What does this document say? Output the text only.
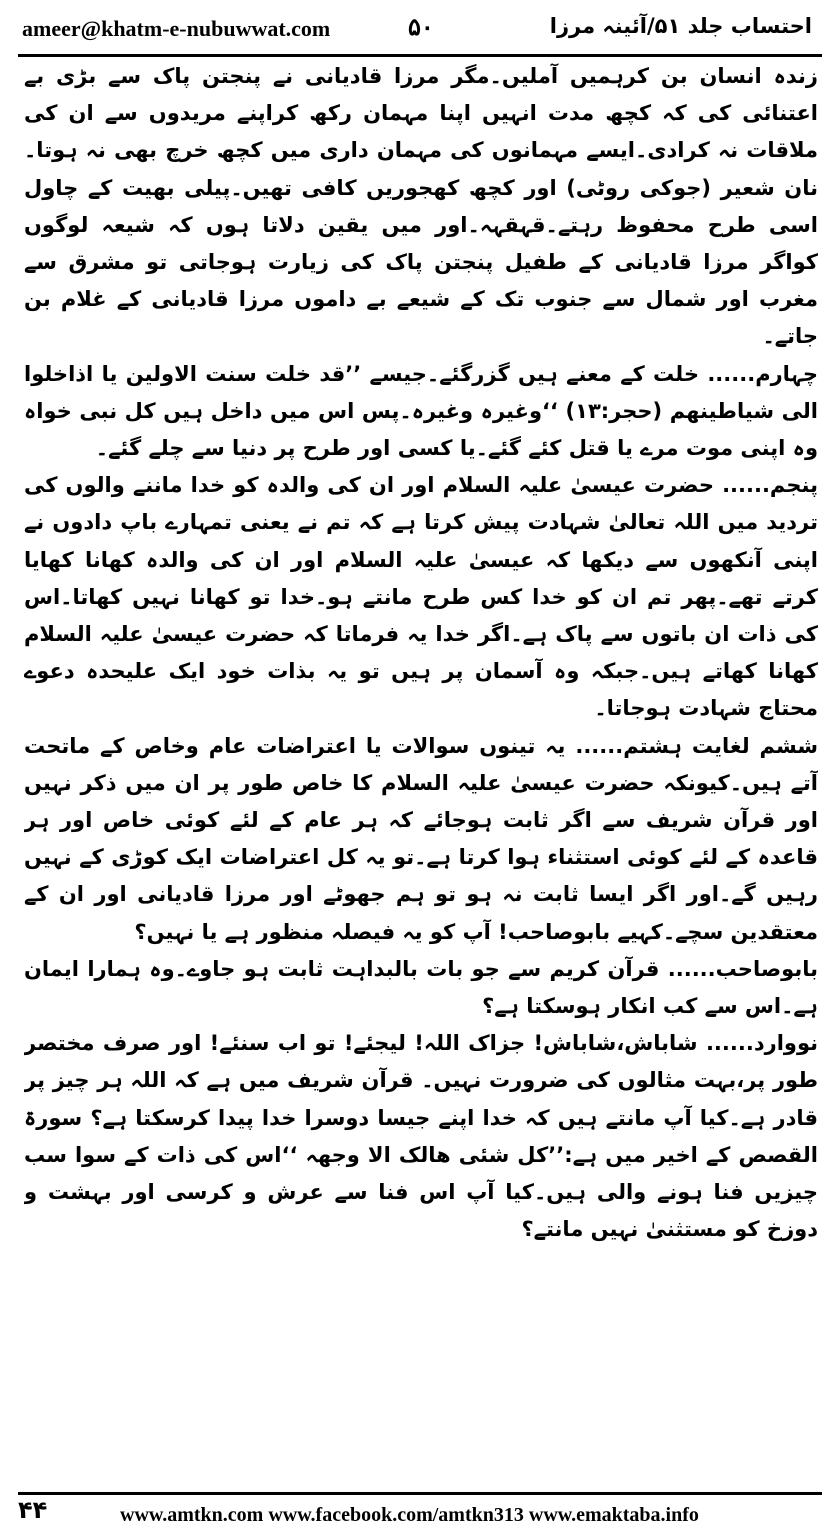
ameer@khatm-e-nubuwwat.com	۵۰	احتساب جلد ۵۱/آئینہ مرزا

زندہ انسان بن کرہمیں آملیں۔مگر مرزا قادیانی نے پنجتن پاک سے بڑی بے اعتنائی کی کہ کچھ مدت انہیں اپنا مہمان رکھ کراپنے مریدوں سے ان کی ملاقات نہ کرادی۔ایسے مہمانوں کی مہمان داری میں کچھ خرچ بھی نہ ہوتا۔نان شعیر (جوکی روٹی) اور کچھ کھجوریں کافی تھیں۔پیلی بھیت کے چاول اسی طرح محفوظ رہتے۔قہقہہ۔اور میں یقین دلاتا ہوں کہ شیعہ لوگوں کواگر مرزا قادیانی کے طفیل پنجتن پاک کی زیارت ہوجاتی تو مشرق سے مغرب اور شمال سے جنوب تک کے شیعے بے داموں مرزا قادیانی کے غلام بن جاتے۔

چہارم...... خلت کے معنے ہیں گزرگئے۔جیسے ’’قد خلت سنت الاولین یا اذاخلوا الی شیاطینھم (حجر:۱۳) ‘‘وغیرہ وغیرہ۔پس اس میں داخل ہیں کل نبی خواہ وہ اپنی موت مرے یا قتل کئے گئے۔یا کسی اور طرح پر دنیا سے چلے گئے۔

پنجم...... حضرت عیسیٰ علیہ السلام اور ان کی والدہ کو خدا ماننے والوں کی تردید میں اللہ تعالیٰ شہادت پیش کرتا ہے کہ تم نے یعنی تمہارے باپ دادوں نے اپنی آنکھوں سے دیکھا کہ عیسیٰ علیہ السلام اور ان کی والدہ کھانا کھایا کرتے تھے۔پھر تم ان کو خدا کس طرح مانتے ہو۔خدا تو کھانا نہیں کھاتا۔اس کی ذات ان باتوں سے پاک ہے۔اگر خدا یہ فرماتا کہ حضرت عیسیٰ علیہ السلام کھانا کھاتے ہیں۔جبکہ وہ آسمان پر ہیں تو یہ بذات خود ایک علیحدہ دعوے محتاج شہادت ہوجاتا۔

ششم لغایت ہشتم...... یہ تینوں سوالات یا اعتراضات عام وخاص کے ماتحت آتے ہیں۔کیونکہ حضرت عیسیٰ علیہ السلام کا خاص طور پر ان میں ذکر نہیں اور قرآن شریف سے اگر ثابت ہوجائے کہ ہر عام کے لئے کوئی خاص اور ہر قاعدہ کے لئے کوئی استثناء ہوا کرتا ہے۔تو یہ کل اعتراضات ایک کوڑی کے نہیں رہیں گے۔اور اگر ایسا ثابت نہ ہو تو ہم جھوٹے اور مرزا قادیانی اور ان کے معتقدین سچے۔کہیے بابوصاحب! آپ کو یہ فیصلہ منظور ہے یا نہیں؟

بابوصاحب...... قرآن کریم سے جو بات بالبداہت ثابت ہو جاوے۔وہ ہمارا ایمان ہے۔اس سے کب انکار ہوسکتا ہے؟

نووارد...... شاباش،شاباش! جزاک اللہ! لیجئے! تو اب سنئے! اور صرف مختصر طور پر،بہت مثالوں کی ضرورت نہیں۔ قرآن شریف میں ہے کہ اللہ ہر چیز پر قادر ہے۔کیا آپ مانتے ہیں کہ خدا اپنے جیسا دوسرا خدا پیدا کرسکتا ہے؟ سورۃ القصص کے اخیر میں ہے:’’کل شئی ھالک الا وجھہ ‘‘اس کی ذات کے سوا سب چیزیں فنا ہونے والی ہیں۔کیا آپ اس فنا سے عرش و کرسی اور بہشت و دوزخ کو مستثنیٰ نہیں مانتے؟

۴۴	www.amtkn.com www.facebook.com/amtkn313 www.emaktaba.info
